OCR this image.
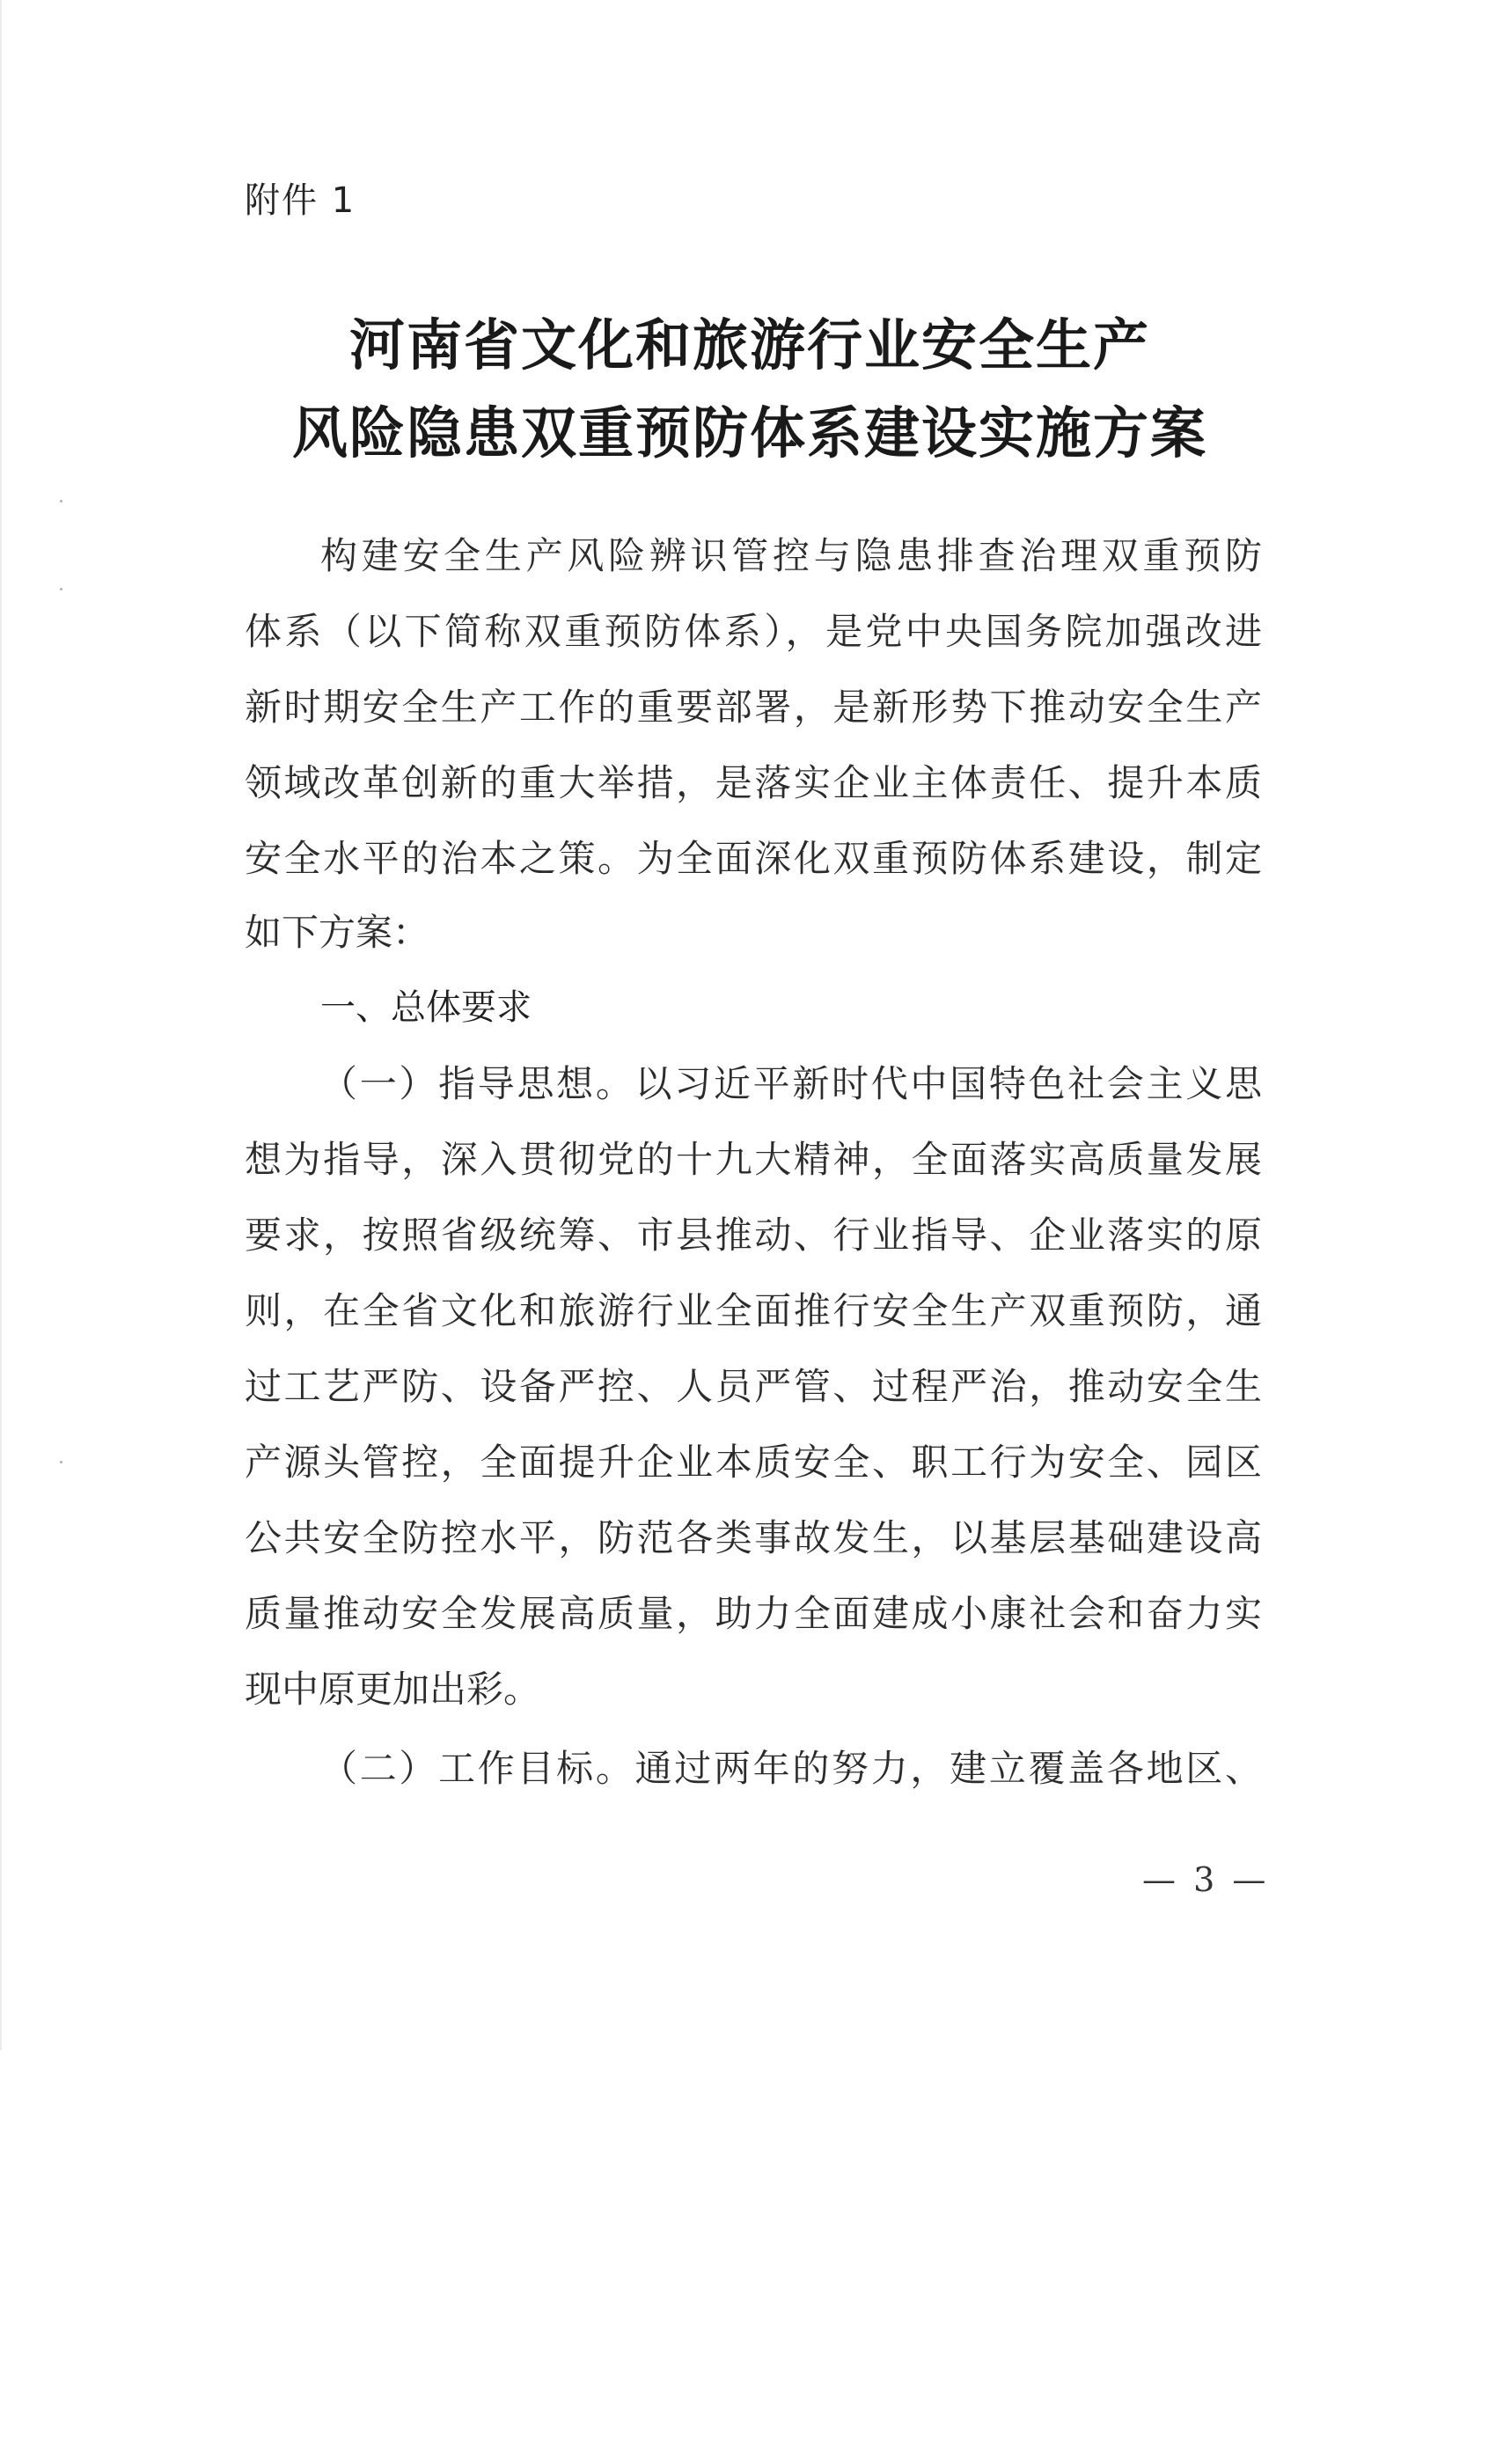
附件 1
河南省文化和旅游行业安全生产
风险隐患双重预防体系建设实施方案
构建安全生产风险辨识管控与隐患排查治理双重预防
体系（以下简称双重预防体系），是党中央国务院加强改进
新时期安全生产工作的重要部署，是新形势下推动安全生产
领域改革创新的重大举措，是落实企业主体责任、提升本质
安全水平的治本之策。为全面深化双重预防体系建设，制定
如下方案：
一、总体要求
（一）指导思想。以习近平新时代中国特色社会主义思
想为指导，深入贯彻党的十九大精神，全面落实高质量发展
要求，按照省级统筹、市县推动、行业指导、企业落实的原
则，在全省文化和旅游行业全面推行安全生产双重预防，通
过工艺严防、设备严控、人员严管、过程严治，推动安全生
产源头管控，全面提升企业本质安全、职工行为安全、园区
公共安全防控水平，防范各类事故发生，以基层基础建设高
质量推动安全发展高质量，助力全面建成小康社会和奋力实
现中原更加出彩。
（二）工作目标。通过两年的努力，建立覆盖各地区、
— 3 —
